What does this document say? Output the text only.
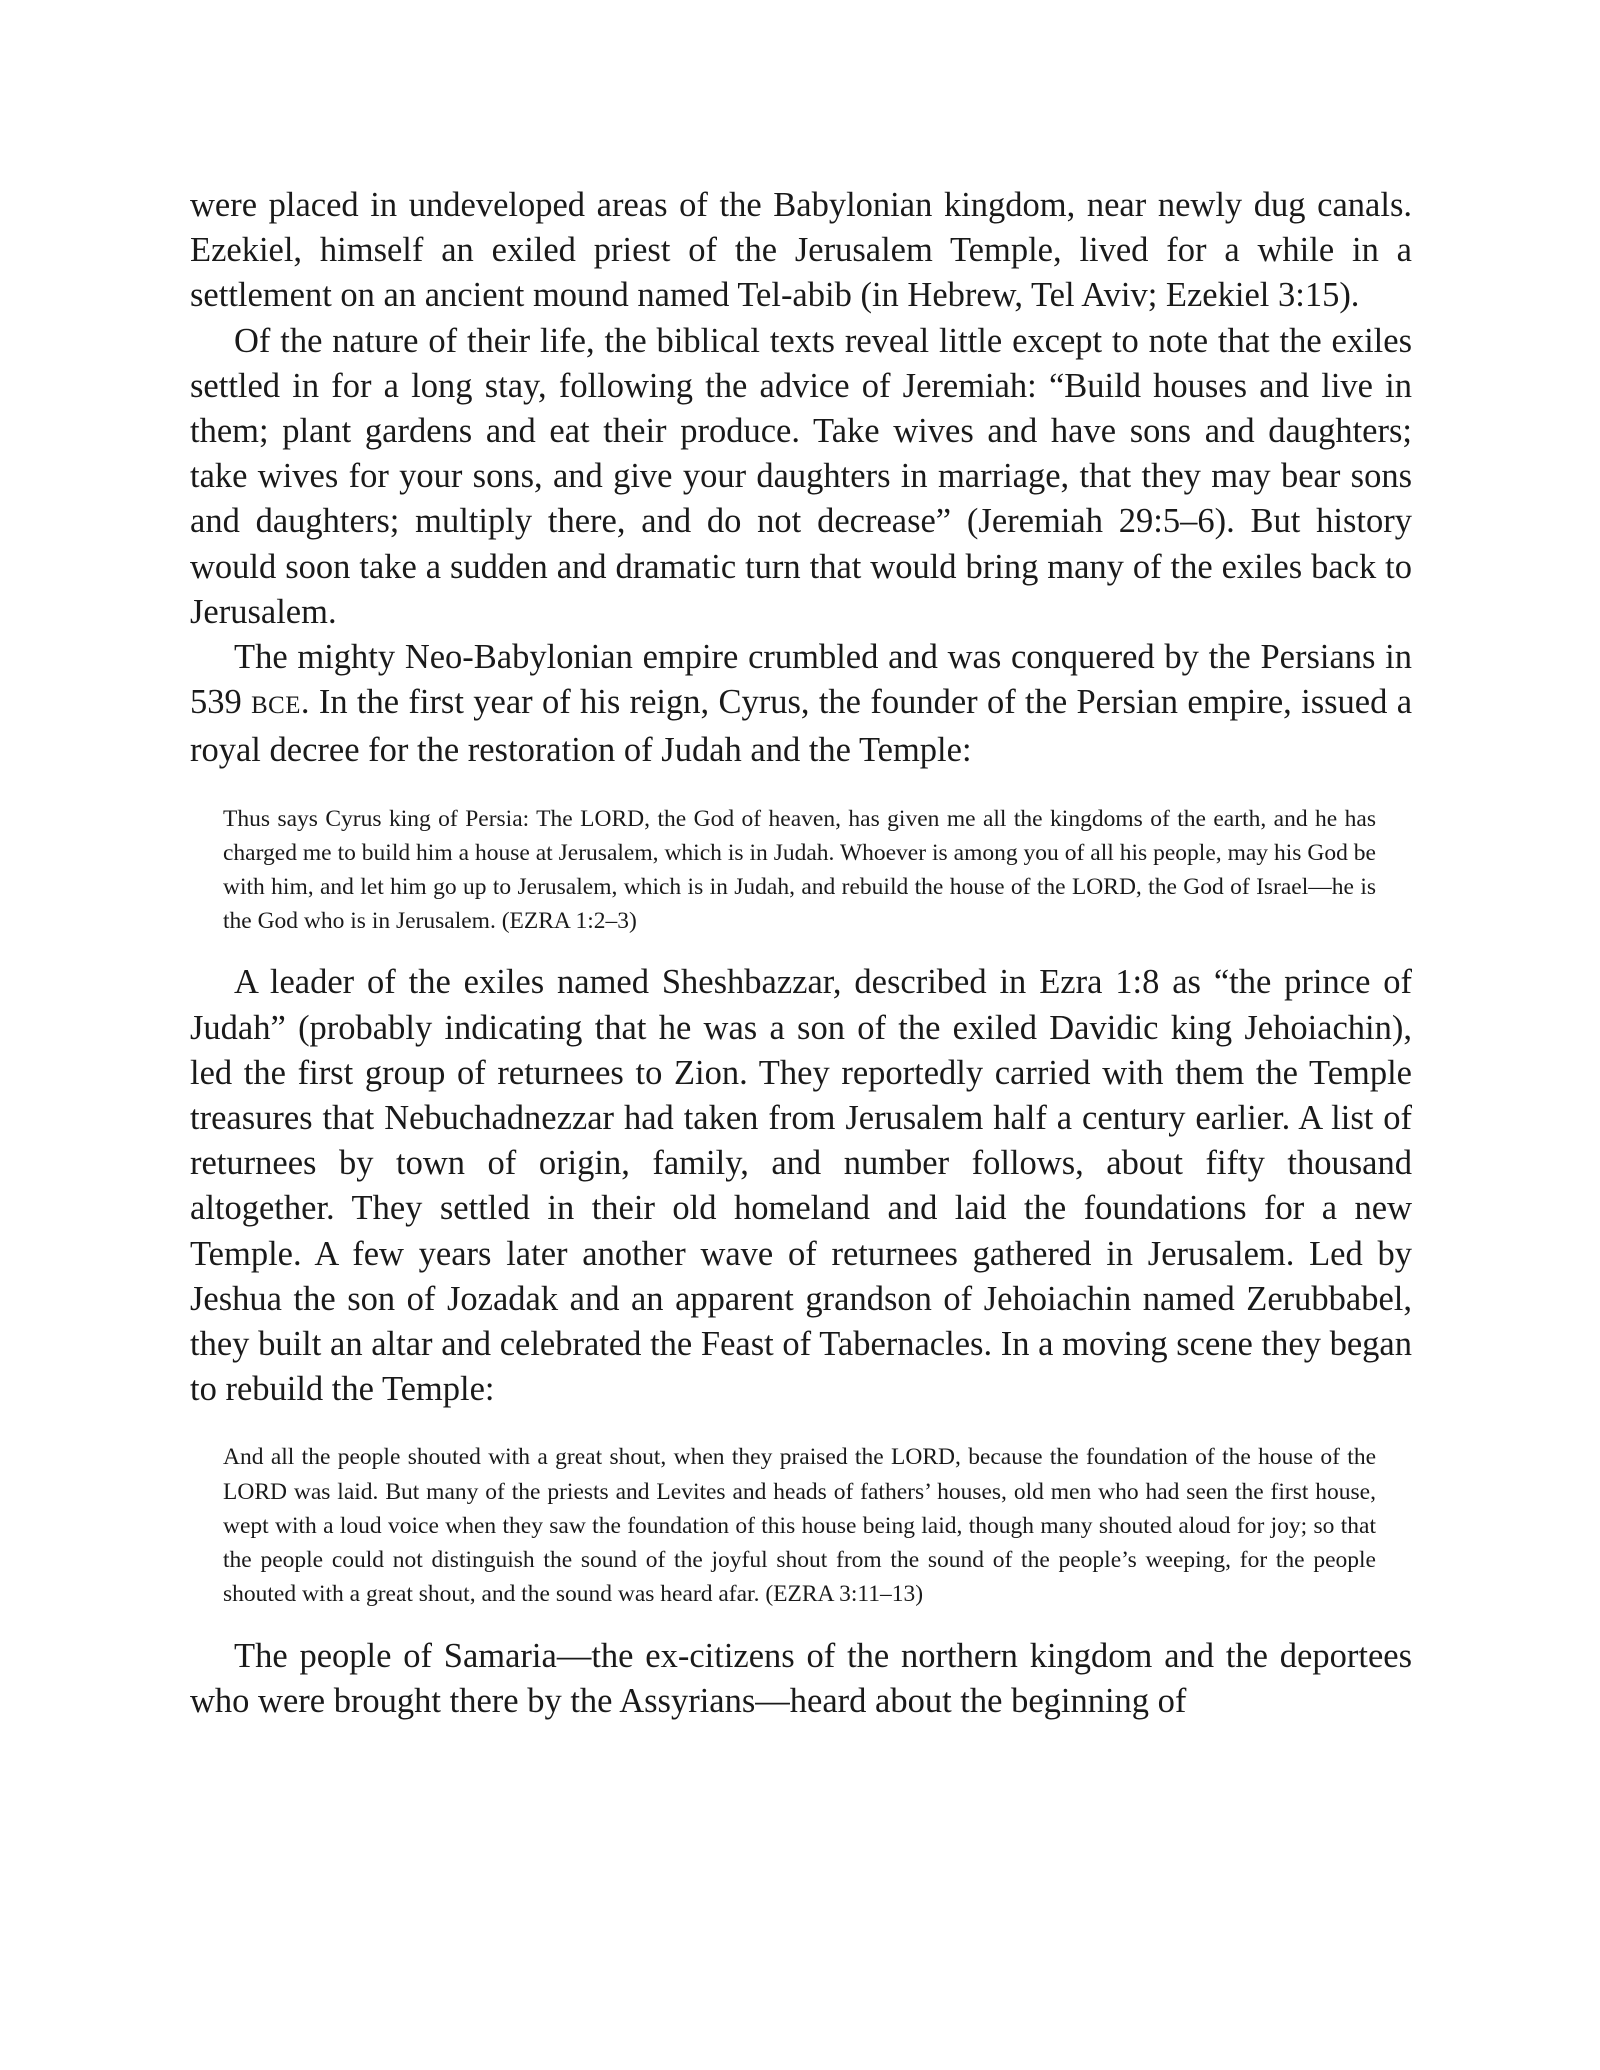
were placed in undeveloped areas of the Babylonian kingdom, near newly dug canals. Ezekiel, himself an exiled priest of the Jerusalem Temple, lived for a while in a settlement on an ancient mound named Tel-abib (in Hebrew, Tel Aviv; Ezekiel 3:15).

Of the nature of their life, the biblical texts reveal little except to note that the exiles settled in for a long stay, following the advice of Jeremiah: “Build houses and live in them; plant gardens and eat their produce. Take wives and have sons and daughters; take wives for your sons, and give your daughters in marriage, that they may bear sons and daughters; multiply there, and do not decrease” (Jeremiah 29:5–6). But history would soon take a sudden and dramatic turn that would bring many of the exiles back to Jerusalem.

The mighty Neo-Babylonian empire crumbled and was conquered by the Persians in 539 BCE. In the first year of his reign, Cyrus, the founder of the Persian empire, issued a royal decree for the restoration of Judah and the Temple:

Thus says Cyrus king of Persia: The LORD, the God of heaven, has given me all the kingdoms of the earth, and he has charged me to build him a house at Jerusalem, which is in Judah. Whoever is among you of all his people, may his God be with him, and let him go up to Jerusalem, which is in Judah, and rebuild the house of the LORD, the God of Israel—he is the God who is in Jerusalem. (EZRA 1:2–3)

A leader of the exiles named Sheshbazzar, described in Ezra 1:8 as “the prince of Judah” (probably indicating that he was a son of the exiled Davidic king Jehoiachin), led the first group of returnees to Zion. They reportedly carried with them the Temple treasures that Nebuchadnezzar had taken from Jerusalem half a century earlier. A list of returnees by town of origin, family, and number follows, about fifty thousand altogether. They settled in their old homeland and laid the foundations for a new Temple. A few years later another wave of returnees gathered in Jerusalem. Led by Jeshua the son of Jozadak and an apparent grandson of Jehoiachin named Zerubbabel, they built an altar and celebrated the Feast of Tabernacles. In a moving scene they began to rebuild the Temple:

And all the people shouted with a great shout, when they praised the LORD, because the foundation of the house of the LORD was laid. But many of the priests and Levites and heads of fathers’ houses, old men who had seen the first house, wept with a loud voice when they saw the foundation of this house being laid, though many shouted aloud for joy; so that the people could not distinguish the sound of the joyful shout from the sound of the people’s weeping, for the people shouted with a great shout, and the sound was heard afar. (EZRA 3:11–13)

The people of Samaria—the ex-citizens of the northern kingdom and the deportees who were brought there by the Assyrians—heard about the beginning of
